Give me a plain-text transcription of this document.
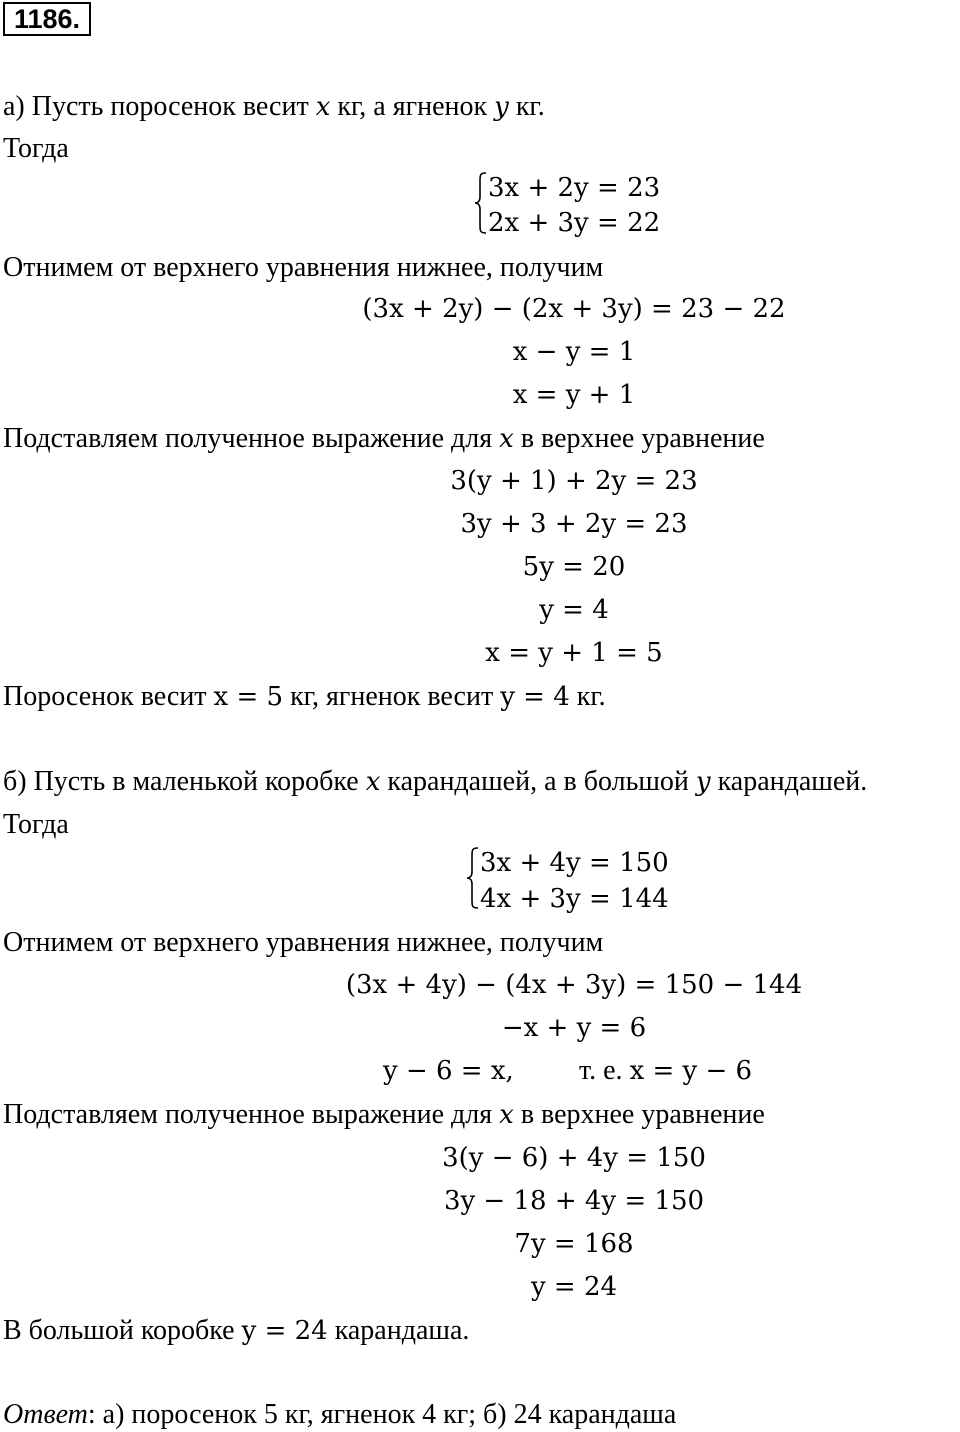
1186.
а) Пусть поросенок весит x кг, а ягненок y кг.
Тогда
3x + 2y = 23
2x + 3y = 22
Отнимем от верхнего уравнения нижнее, получим
(3x + 2y) − (2x + 3y) = 23 − 22
x − y = 1
x = y + 1
Подставляем полученное выражение для x в верхнее уравнение
3(y + 1) + 2y = 23
3y + 3 + 2y = 23
5y = 20
y = 4
x = y + 1 = 5
Поросенок весит x = 5 кг, ягненок весит y = 4 кг.
б) Пусть в маленькой коробке x карандашей, а в большой y карандашей.
Тогда
3x + 4y = 150
4x + 3y = 144
Отнимем от верхнего уравнения нижнее, получим
(3x + 4y) − (4x + 3y) = 150 − 144
−x + y = 6
y − 6 = x, т. е. x = y − 6
Подставляем полученное выражение для x в верхнее уравнение
3(y − 6) + 4y = 150
3y − 18 + 4y = 150
7y = 168
y = 24
В большой коробке y = 24 карандаша.
Ответ: а) поросенок 5 кг, ягненок 4 кг; б) 24 карандаша
